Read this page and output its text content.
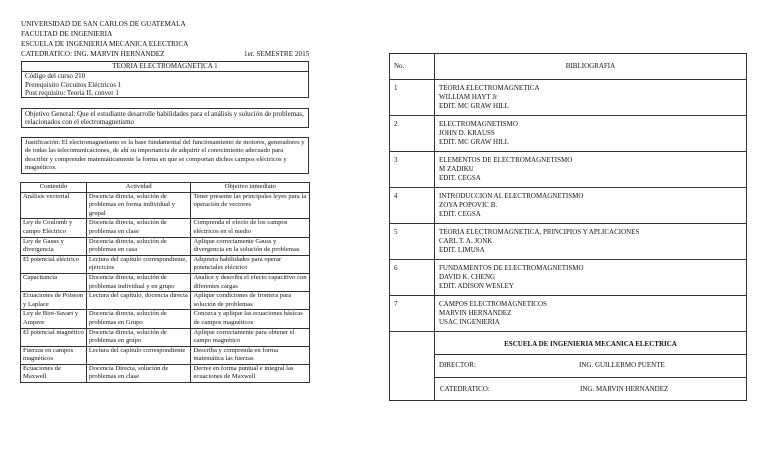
UNIVERSIDAD DE SAN CARLOS DE GUATEMALA
FACULTAD DE INGENIERIA
ESCUELA DE INGENIERIA MECANICA ELECTRICA
CATEDRATICO: ING. MARVIN HERNANDEZ	1er. SEMESTRE 2015
TEORIA ELECTROMAGNETICA 1
Código del curso 210
Prerequisito Circuitos Eléctricos 1
Post requisito: Teoria II, conver 1
Objetivo General: Que el estudiante desarrolle habilidades para el análisis y solución de problemas, relacionados con el electromagnetismo
Justificación: El electromagnetismo es la base fundamental del funcionamiento de motores, generadores y de todas las telecomunicaciones, de ahí su importancia de adquirir el conocimiento adecuado para describir y comprender matemáticamente la forma en que se comportan dichos campos eléctricos y magnéticos.
Contenido	Actividad	Objetivo inmediato
Análisis vectorial	Docencia directa, solución de problemas en forma individual y grupal	Tener presente las principales leyes para la operación de vectores
Ley de Coulomb y campo Eléctrico	Docencia directa, solución de problemas en clase	Comprenda el efecto de los campos eléctricos en el medio
Ley de Gauss y divergencia	Docencia directa, solución de problemas en casa	Aplique correctamente Gauss y divergencia en la solución de problemas
El potencial eléctrico	Lectura del capítulo correspondiente, ejercicios	Adquiera habilidades para operar potenciales eléctrico
Capacitancia	Docencia directa, solución de problemas individual y en grupo	Analice y describa el efecto capacitivo con diferentes cargas
Ecuaciones de Poisson y Laplace	Lectura del capítulo, docencia directa	Aplique condiciones de frontera para solución de problemas
Ley de Biot-Savart y Ampere	Docencia directa, solución de problemas en Grupo	Conozca y aplique las ecuaciones básicas de campos magnéticos
El potencial magnético	Docencia directa, solución de problemas en grupo	Aplique correctamente para obtener el campo magnético
Fuerzas en campos magnéticos	Lectura del capítulo correspondiente	Describa y comprenda en forma matemática las fuerzas
Ecuaciones de Maxwell	Docencia Directa, solución de problemas en clase	Derive en forma puntual e integral las ecuaciones de Maxwell
No.	BIBLIOGRAFIA
1	TEORIA ELECTROMAGNETICA
WILLIAM HAYT Jr
EDIT. MC GRAW HILL

2	ELECTROMAGNETISMO
JOHN D. KRAUSS
EDIT. MC GRAW HILL

3	ELEMENTOS DE ELECTROMAGNETISMO
M ZADIKU
EDIT. CEGSA

4	INTRODUCCION AL ELECTROMAGNETISMO
ZOYA POPOVIC B.
EDIT. CEGSA

5	TEORIA ELECTROMAGNETICA, PRINCIPIOS Y APLICACIONES
CARL T. A. JONK
EDIT. LIMUSA

6	FUNDAMENTOS DE ELECTROMAGNETISMO
DAVID K. CHENG
EDIT. ADISON WESLEY

7	CAMPOS ELECTROMAGNETICOS
MARVIN HERNANDEZ
USAC INGENIERIA

	ESCUELA DE INGENIERIA MECANICA ELECTRICA
DIRECTOR: ING. GUILLERMO PUENTE
CATEDRATICO: ING. MARVIN HERNANDEZ
